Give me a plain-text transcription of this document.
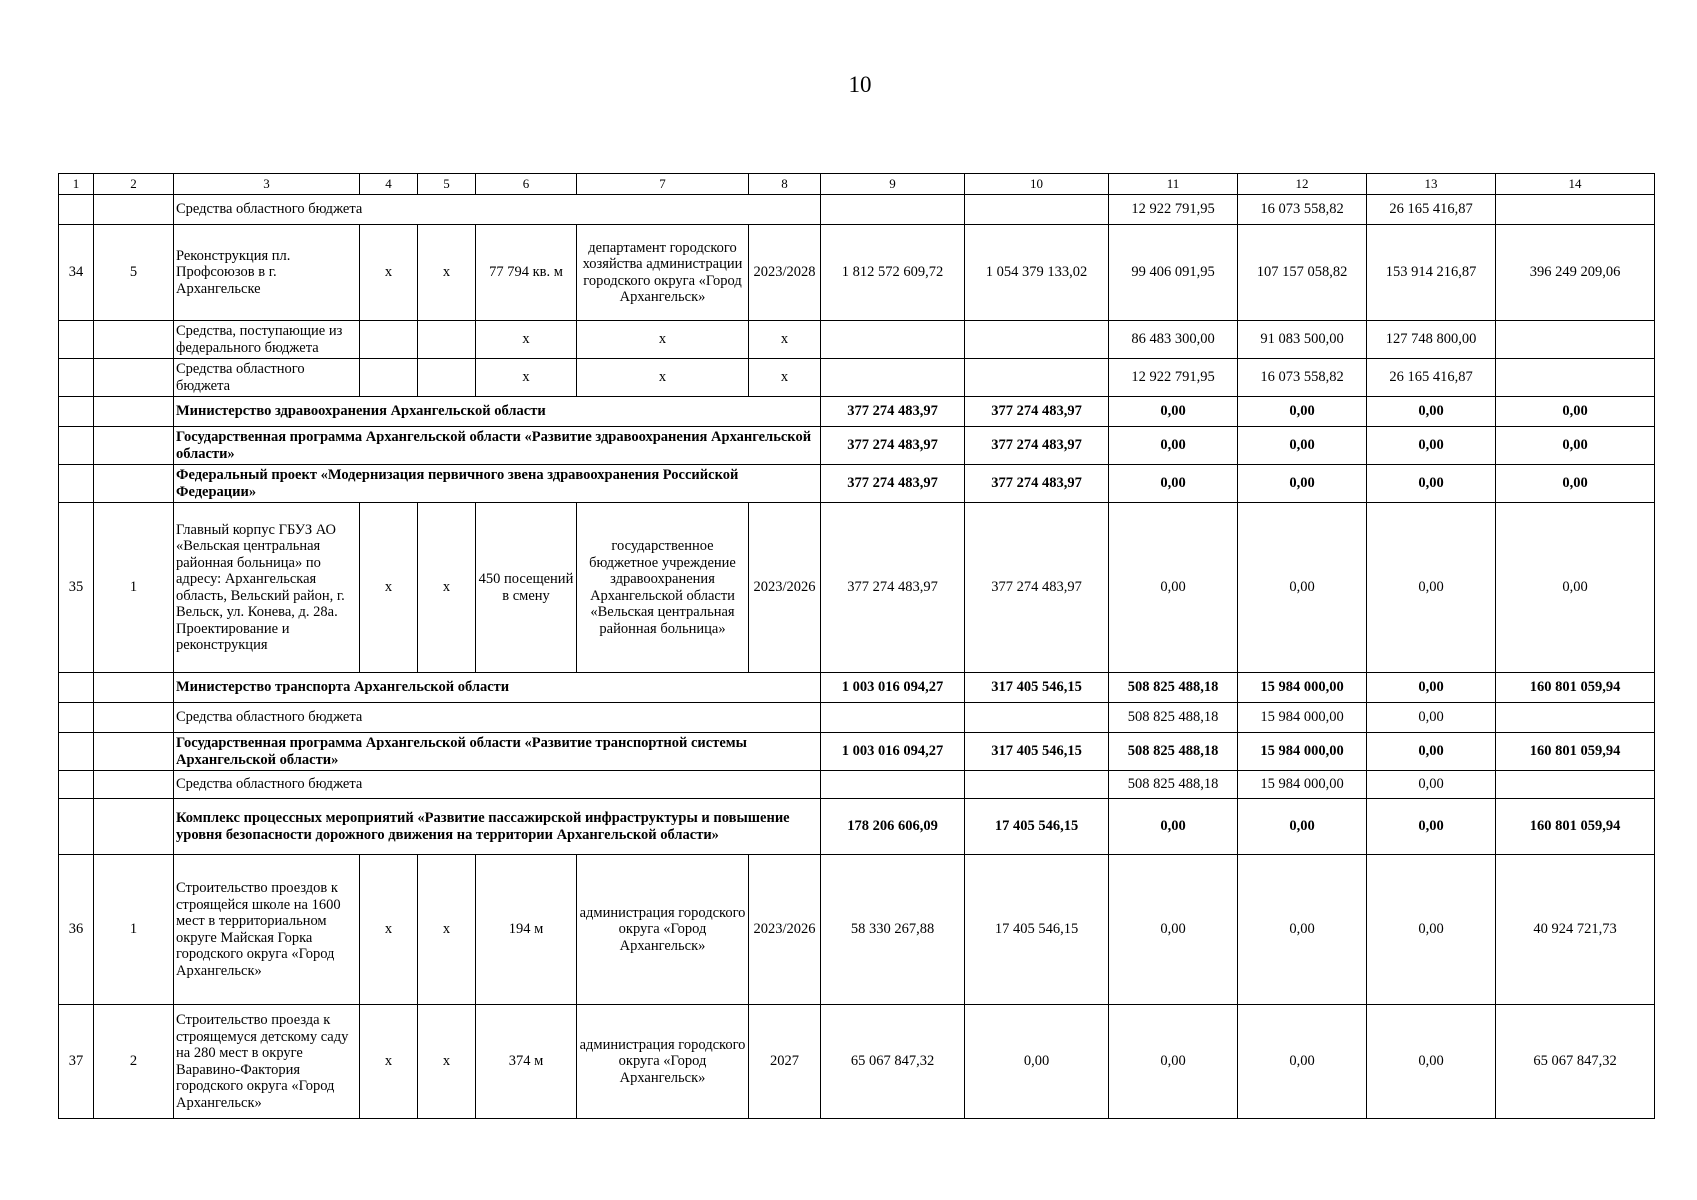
10
1	2	3	4	5	6	7	8	9	10	11	12	13	14
		Средства областного бюджета								12 922 791,95	16 073 558,82	26 165 416,87	
34	5	Реконструкция пл. Профсоюзов в г. Архангельске	х	х	77 794 кв. м	департамент городского хозяйства администрации городского округа «Город Архангельск»	2023/2028	1 812 572 609,72	1 054 379 133,02	99 406 091,95	107 157 058,82	153 914 216,87	396 249 209,06
		Средства, поступающие из федерального бюджета			х	х	х			86 483 300,00	91 083 500,00	127 748 800,00	
		Средства областного бюджета			х	х	х			12 922 791,95	16 073 558,82	26 165 416,87	
		Министерство здравоохранения Архангельской области						377 274 483,97	377 274 483,97	0,00	0,00	0,00	0,00
		Государственная программа Архангельской области «Развитие здравоохранения Архангельской области»						377 274 483,97	377 274 483,97	0,00	0,00	0,00	0,00
		Федеральный проект «Модернизация первичного звена здравоохранения Российской Федерации»						377 274 483,97	377 274 483,97	0,00	0,00	0,00	0,00
35	1	Главный корпус ГБУЗ АО «Вельская центральная районная больница» по адресу: Архангельская область, Вельский район, г. Вельск, ул. Конева, д. 28а. Проектирование и реконструкция	х	х	450 посещений в смену	государственное бюджетное учреждение здравоохранения Архангельской области «Вельская центральная районная больница»	2023/2026	377 274 483,97	377 274 483,97	0,00	0,00	0,00	0,00
		Министерство транспорта Архангельской области						1 003 016 094,27	317 405 546,15	508 825 488,18	15 984 000,00	0,00	160 801 059,94
		Средства областного бюджета								508 825 488,18	15 984 000,00	0,00	
		Государственная программа Архангельской области «Развитие транспортной системы Архангельской области»						1 003 016 094,27	317 405 546,15	508 825 488,18	15 984 000,00	0,00	160 801 059,94
		Средства областного бюджета								508 825 488,18	15 984 000,00	0,00	
		Комплекс процессных мероприятий «Развитие пассажирской инфраструктуры и повышение уровня безопасности дорожного движения на территории Архангельской области»						178 206 606,09	17 405 546,15	0,00	0,00	0,00	160 801 059,94
36	1	Строительство проездов к строящейся школе на 1600 мест в территориальном округе Майская Горка городского округа «Город Архангельск»	х	х	194 м	администрация городского округа «Город Архангельск»	2023/2026	58 330 267,88	17 405 546,15	0,00	0,00	0,00	40 924 721,73
37	2	Строительство проезда к строящемуся детскому саду на 280 мест в округе Варавино-Фактория городского округа «Город Архангельск»	х	х	374 м	администрация городского округа «Город Архангельск»	2027	65 067 847,32	0,00	0,00	0,00	0,00	65 067 847,32
